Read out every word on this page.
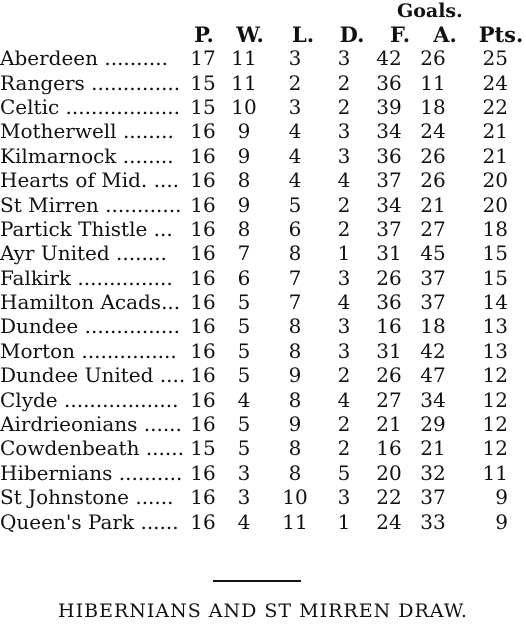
Goals.
P.	W.	L.	D.	F.	A. Pts.
Aberdeen ..........	17	11	3	3	42	26	25
Rangers ..............	15	11	2	2	36	11	24
Celtic ..................	15	10	3	2	39	18	22
Motherwell ........	16	9	4	3	34	24	21
Kilmarnock ........	16	9	4	3	36	26	21
Hearts of Mid. ....	16	8	4	4	37	26	20
St Mirren ............	16	9	5	2	34	21	20
Partick Thistle ...	16	8	6	2	37	27	18
Ayr United ........	16	7	8	1	31	45	15
Falkirk ...............	16	6	7	3	26	37	15
Hamilton Acads...	16	5	7	4	36	37	14
Dundee ...............	16	5	8	3	16	18	13
Morton ...............	16	5	8	3	31	42	13
Dundee United ....	16	5	9	2	26	47	12
Clyde ..................	16	4	8	4	27	34	12
Airdrieonians ......	16	5	9	2	21	29	12
Cowdenbeath ......	15	5	8	2	16	21	12
Hibernians ..........	16	3	8	5	20	32	11
St Johnstone ......	16	3	10	3	22	37	9
Queen's Park ......	16	4	11	1	24	33	9
HIBERNIANS AND ST MIRREN DRAW.
